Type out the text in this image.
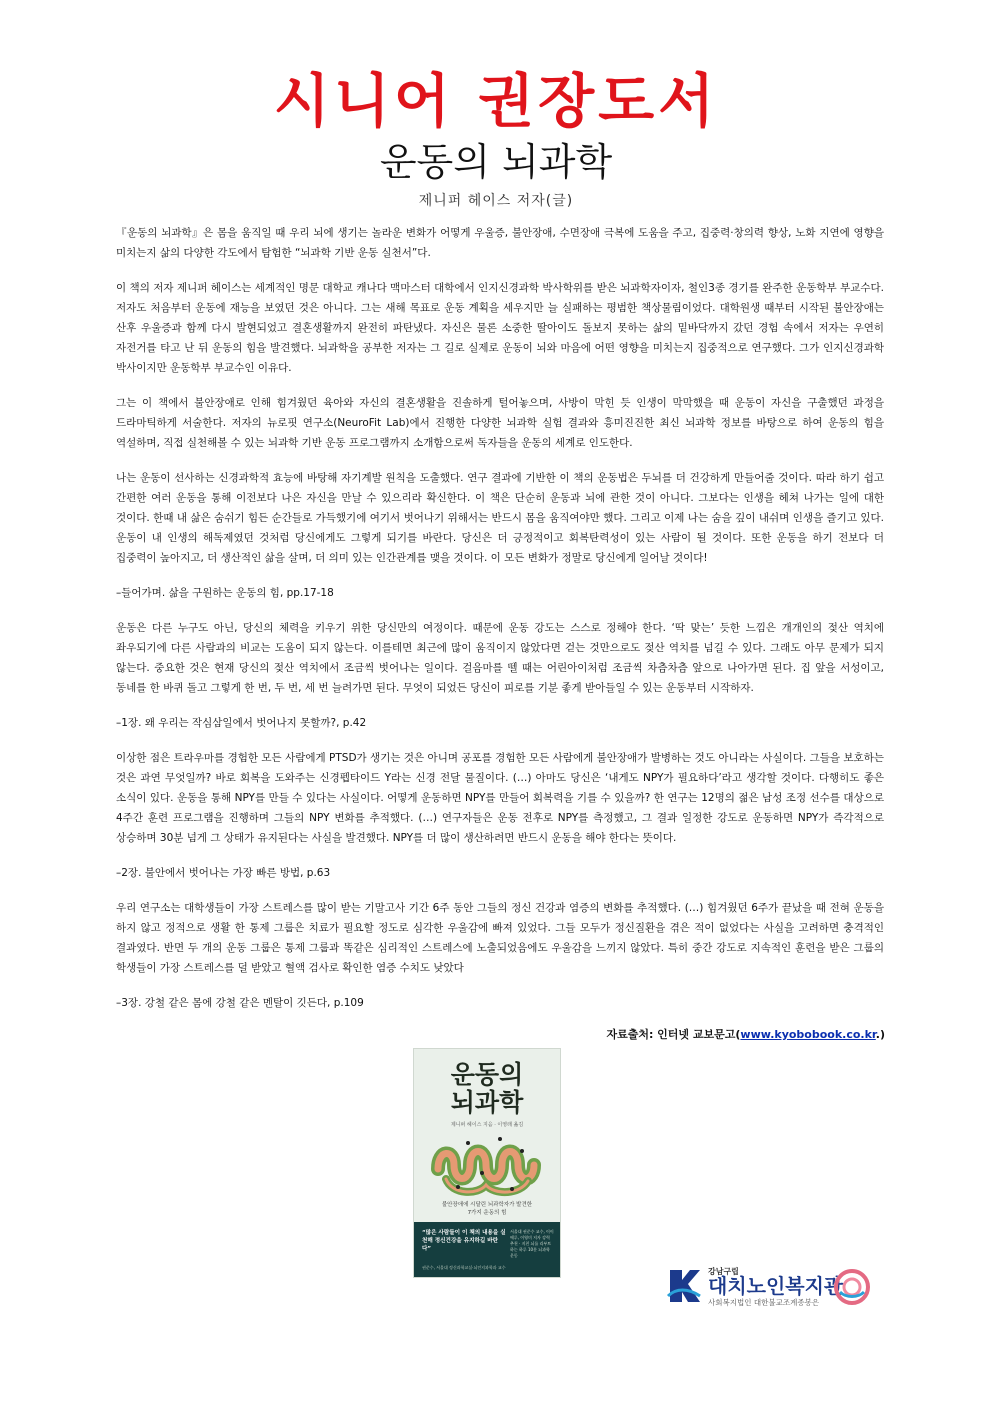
시니어 권장도서
운동의 뇌과학
제니퍼 헤이스 저자(글)

『운동의 뇌과학』은 몸을 움직일 때 우리 뇌에 생기는 놀라운 변화가 어떻게 우울증, 불안장애, 수면장애 극복에 도움을 주고, 집중력·창의력 향상, 노화 지연에 영향을 미치는지 삶의 다양한 각도에서 탐험한 “뇌과학 기반 운동 실천서”다.

이 책의 저자 제니퍼 헤이스는 세계적인 명문 대학교 캐나다 맥마스터 대학에서 인지신경과학 박사학위를 받은 뇌과학자이자, 철인3종 경기를 완주한 운동학부 부교수다. 저자도 처음부터 운동에 재능을 보였던 것은 아니다. 그는 새해 목표로 운동 계획을 세우지만 늘 실패하는 평범한 책상물림이었다. 대학원생 때부터 시작된 불안장애는 산후 우울증과 함께 다시 발현되었고 결혼생활까지 완전히 파탄냈다. 자신은 물론 소중한 딸아이도 돌보지 못하는 삶의 밑바닥까지 갔던 경험 속에서 저자는 우연히 자전거를 타고 난 뒤 운동의 힘을 발견했다. 뇌과학을 공부한 저자는 그 길로 실제로 운동이 뇌와 마음에 어떤 영향을 미치는지 집중적으로 연구했다. 그가 인지신경과학 박사이지만 운동학부 부교수인 이유다.

그는 이 책에서 불안장애로 인해 힘겨웠던 육아와 자신의 결혼생활을 진솔하게 털어놓으며, 사방이 막힌 듯 인생이 막막했을 때 운동이 자신을 구출했던 과정을 드라마틱하게 서술한다. 저자의 뉴로핏 연구소(NeuroFit Lab)에서 진행한 다양한 뇌과학 실험 결과와 흥미진진한 최신 뇌과학 정보를 바탕으로 하여 운동의 힘을 역설하며, 직접 실천해볼 수 있는 뇌과학 기반 운동 프로그램까지 소개함으로써 독자들을 운동의 세계로 인도한다.

나는 운동이 선사하는 신경과학적 효능에 바탕해 자기계발 원칙을 도출했다. 연구 결과에 기반한 이 책의 운동법은 두뇌를 더 건강하게 만들어줄 것이다. 따라 하기 쉽고 간편한 여러 운동을 통해 이전보다 나은 자신을 만날 수 있으리라 확신한다. 이 책은 단순히 운동과 뇌에 관한 것이 아니다. 그보다는 인생을 헤쳐 나가는 일에 대한 것이다. 한때 내 삶은 숨쉬기 힘든 순간들로 가득했기에 여기서 벗어나기 위해서는 반드시 몸을 움직여야만 했다. 그리고 이제 나는 숨을 깊이 내쉬며 인생을 즐기고 있다. 운동이 내 인생의 해독제였던 것처럼 당신에게도 그렇게 되기를 바란다. 당신은 더 긍정적이고 회복탄력성이 있는 사람이 될 것이다. 또한 운동을 하기 전보다 더 집중력이 높아지고, 더 생산적인 삶을 살며, 더 의미 있는 인간관계를 맺을 것이다. 이 모든 변화가 정말로 당신에게 일어날 것이다!

–들어가며. 삶을 구원하는 운동의 힘, pp.17-18

운동은 다른 누구도 아닌, 당신의 체력을 키우기 위한 당신만의 여정이다. 때문에 운동 강도는 스스로 정해야 한다. ‘딱 맞는’ 듯한 느낌은 개개인의 젖산 역치에 좌우되기에 다른 사람과의 비교는 도움이 되지 않는다. 이를테면 최근에 많이 움직이지 않았다면 걷는 것만으로도 젖산 역치를 넘길 수 있다. 그래도 아무 문제가 되지 않는다. 중요한 것은 현재 당신의 젖산 역치에서 조금씩 벗어나는 일이다. 걸음마를 뗄 때는 어린아이처럼 조금씩 차츰차츰 앞으로 나아가면 된다. 집 앞을 서성이고, 동네를 한 바퀴 돌고 그렇게 한 번, 두 번, 세 번 늘려가면 된다. 무엇이 되었든 당신이 피로를 기분 좋게 받아들일 수 있는 운동부터 시작하자.

–1장. 왜 우리는 작심삼일에서 벗어나지 못할까?, p.42

이상한 점은 트라우마를 경험한 모든 사람에게 PTSD가 생기는 것은 아니며 공포를 경험한 모든 사람에게 불안장애가 발병하는 것도 아니라는 사실이다. 그들을 보호하는 것은 과연 무엇일까? 바로 회복을 도와주는 신경펩타이드 Y라는 신경 전달 물질이다. (…) 아마도 당신은 ‘내게도 NPY가 필요하다’라고 생각할 것이다. 다행히도 좋은 소식이 있다. 운동을 통해 NPY를 만들 수 있다는 사실이다. 어떻게 운동하면 NPY를 만들어 회복력을 기를 수 있을까? 한 연구는 12명의 젊은 남성 조정 선수를 대상으로 4주간 훈련 프로그램을 진행하며 그들의 NPY 변화를 추적했다. (…) 연구자들은 운동 전후로 NPY를 측정했고, 그 결과 일정한 강도로 운동하면 NPY가 즉각적으로 상승하며 30분 넘게 그 상태가 유지된다는 사실을 발견했다. NPY를 더 많이 생산하려면 반드시 운동을 해야 한다는 뜻이다.

–2장. 불안에서 벗어나는 가장 빠른 방법, p.63

우리 연구소는 대학생들이 가장 스트레스를 많이 받는 기말고사 기간 6주 동안 그들의 정신 건강과 염증의 변화를 추적했다. (…) 힘겨웠던 6주가 끝났을 때 전혀 운동을 하지 않고 정적으로 생활 한 통제 그룹은 치료가 필요할 정도로 심각한 우울감에 빠져 있었다. 그들 모두가 정신질환을 겪은 적이 없었다는 사실을 고려하면 충격적인 결과였다. 반면 두 개의 운동 그룹은 통제 그룹과 똑같은 심리적인 스트레스에 노출되었음에도 우울감을 느끼지 않았다. 특히 중간 강도로 지속적인 훈련을 받은 그룹의 학생들이 가장 스트레스를 덜 받았고 혈액 검사로 확인한 염증 수치도 낮았다

–3장. 강철 같은 몸에 강철 같은 멘탈이 깃든다, p.109

자료출처: 인터넷 교보문고(www.kyobobook.co.kr.)
운동의
뇌과학
제니퍼 헤이스 지음 · 이영래 옮김
불안장애에 시달린 뇌과학자가 발견한
7가지 운동의 힘
“많은 사람들이 이 책의 내용을 실천해 정신건강을 유지하길 바란다”
서울대 권준수 교수, 이이에루, 이영미 저자 강력 추천 · 지친 뇌를 리부트하는 하루 10분 뇌과학 운동
권준수, 서울대 정신과학교실·뇌인지과학과 교수	강남구립
대치노인복지관
사회복지법인 대한불교조계종봉은
